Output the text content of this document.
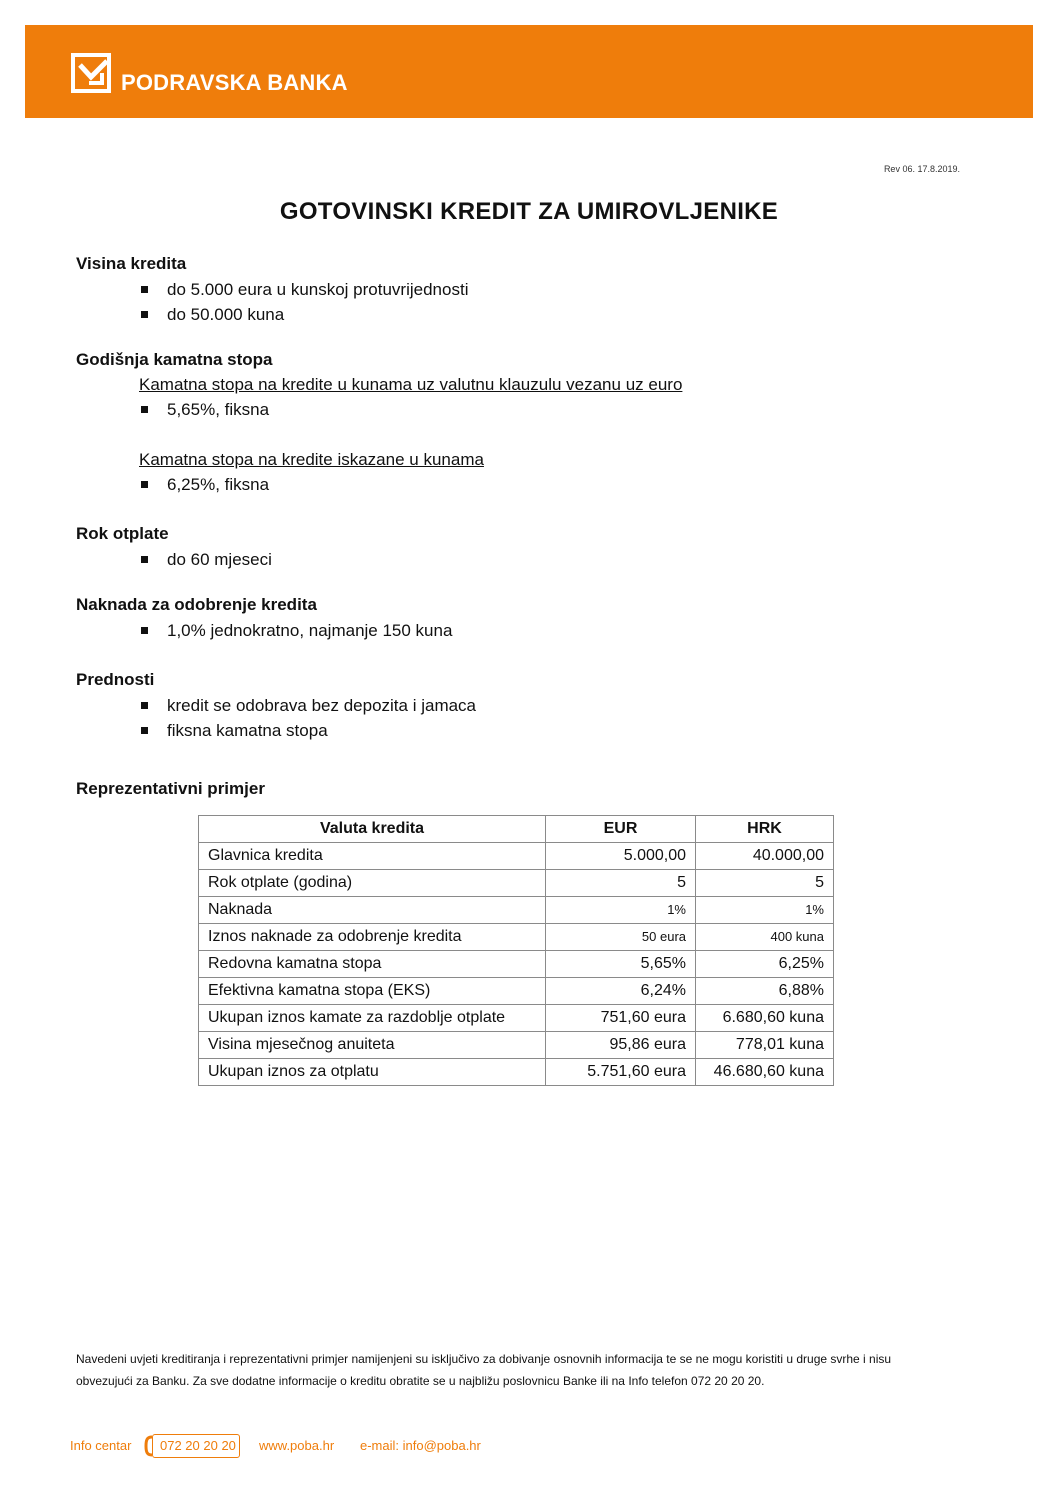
PODRAVSKA BANKA
Rev 06. 17.8.2019.
GOTOVINSKI KREDIT ZA UMIROVLJENIKE
Visina kredita
do 5.000 eura u kunskoj protuvrijednosti
do 50.000 kuna
Godišnja kamatna stopa
Kamatna stopa na kredite u kunama uz valutnu klauzulu vezanu uz euro
5,65%, fiksna
Kamatna stopa na kredite iskazane u kunama
6,25%, fiksna
Rok otplate
do 60 mjeseci
Naknada za odobrenje kredita
1,0% jednokratno, najmanje 150 kuna
Prednosti
kredit se odobrava bez depozita i jamaca
fiksna kamatna stopa
Reprezentativni primjer
Valuta kredita	EUR	HRK
Glavnica kredita	5.000,00	40.000,00
Rok otplate (godina)	5	5
Naknada	1%	1%
Iznos naknade za odobrenje kredita	50 eura	400 kuna
Redovna kamatna stopa	5,65%	6,25%
Efektivna kamatna stopa (EKS)	6,24%	6,88%
Ukupan iznos kamate za razdoblje otplate	751,60 eura	6.680,60 kuna
Visina mjesečnog anuiteta	95,86 eura	778,01 kuna
Ukupan iznos za otplatu	5.751,60 eura	46.680,60 kuna
Navedeni uvjeti kreditiranja i reprezentativni primjer namijenjeni su isključivo za dobivanje osnovnih informacija te se ne mogu koristiti u druge svrhe i nisu
obvezujući za Banku. Za sve dodatne informacije o kreditu obratite se u najbližu poslovnicu Banke ili na Info telefon 072 20 20 20.
Info centar 072 20 20 20 www.poba.hr e-mail: info@poba.hr
